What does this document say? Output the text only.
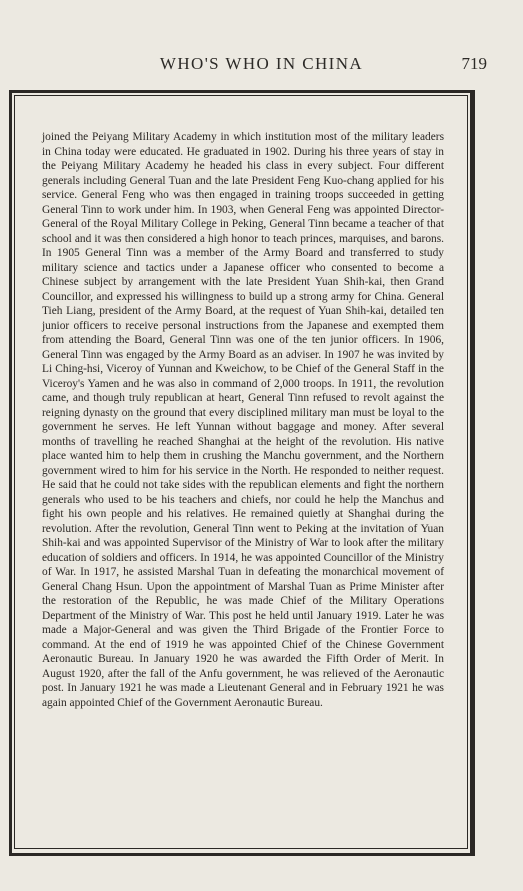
WHO'S WHO IN CHINA	719

joined the Peiyang Military Academy in which institution most of the military leaders in China today were educated. He graduated in 1902. During his three years of stay in the Peiyang Military Academy he headed his class in every subject. Four different generals including General Tuan and the late President Feng Kuo-chang applied for his service. General Feng who was then engaged in training troops succeeded in getting General Tinn to work under him. In 1903, when General Feng was appointed Director-General of the Royal Military College in Peking, General Tinn became a teacher of that school and it was then considered a high honor to teach princes, marquises, and barons. In 1905 General Tinn was a member of the Army Board and transferred to study military science and tactics under a Japanese officer who consented to become a Chinese subject by arrangement with the late President Yuan Shih-kai, then Grand Councillor, and expressed his willingness to build up a strong army for China. General Tieh Liang, president of the Army Board, at the request of Yuan Shih-kai, detailed ten junior officers to receive personal instructions from the Japanese and exempted them from attending the Board, General Tinn was one of the ten junior officers. In 1906, General Tinn was engaged by the Army Board as an adviser. In 1907 he was invited by Li Ching-hsi, Viceroy of Yunnan and Kweichow, to be Chief of the General Staff in the Viceroy's Yamen and he was also in command of 2,000 troops. In 1911, the revolution came, and though truly republican at heart, General Tinn refused to revolt against the reigning dynasty on the ground that every disciplined military man must be loyal to the government he serves. He left Yunnan without baggage and money. After several months of travelling he reached Shanghai at the height of the revolution. His native place wanted him to help them in crushing the Manchu government, and the Northern government wired to him for his service in the North. He responded to neither request. He said that he could not take sides with the republican elements and fight the northern generals who used to be his teachers and chiefs, nor could he help the Manchus and fight his own people and his relatives. He remained quietly at Shanghai during the revolution. After the revolution, General Tinn went to Peking at the invitation of Yuan Shih-kai and was appointed Supervisor of the Ministry of War to look after the military education of soldiers and officers. In 1914, he was appointed Councillor of the Ministry of War. In 1917, he assisted Marshal Tuan in defeating the monarchical movement of General Chang Hsun. Upon the appointment of Marshal Tuan as Prime Minister after the restoration of the Republic, he was made Chief of the Military Operations Department of the Ministry of War. This post he held until January 1919. Later he was made a Major-General and was given the Third Brigade of the Frontier Force to command. At the end of 1919 he was appointed Chief of the Chinese Government Aeronautic Bureau. In January 1920 he was awarded the Fifth Order of Merit. In August 1920, after the fall of the Anfu government, he was relieved of the Aeronautic post. In January 1921 he was made a Lieutenant General and in February 1921 he was again appointed Chief of the Government Aeronautic Bureau.
